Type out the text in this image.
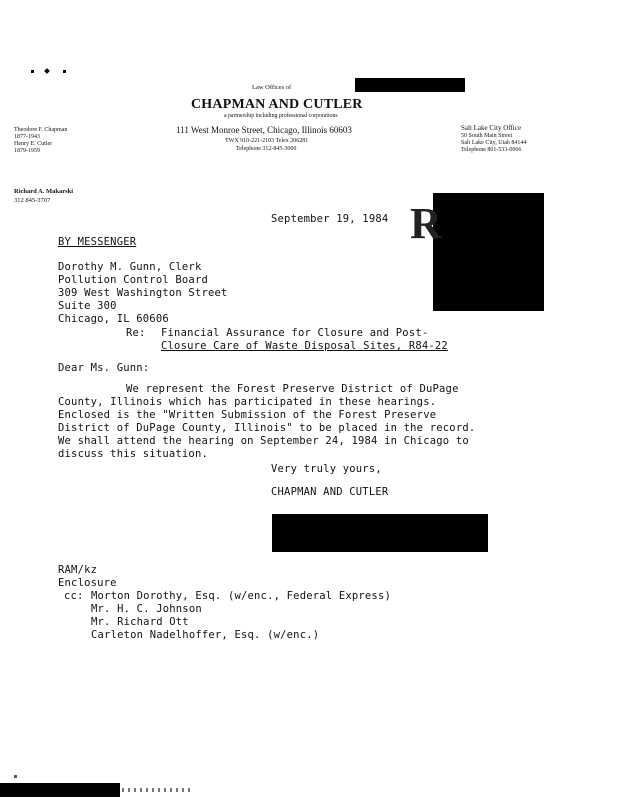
Law Offices of
CHAPMAN AND CUTLER
a partnership including professional corporations
111 West Monroe Street, Chicago, Illinois 60603
TWX 910-221-2103 Telex 206281
Telephone 312-845-3000
Theodore F. Chapman
1877-1943
Henry E. Cutler
1879-1959
Salt Lake City Office
50 South Main Street
Salt Lake City, Utah 84144
Telephone 801-533-0066
Richard A. Makarski
312 845-3707	R
September 19, 1984
BY MESSENGER
Dorothy M. Gunn, Clerk
Pollution Control Board
309 West Washington Street
Suite 300
Chicago, IL 60606
Re: Financial Assurance for Closure and Post-
Closure Care of Waste Disposal Sites, R84-22
Dear Ms. Gunn:
We represent the Forest Preserve District of DuPage
County, Illinois which has participated in these hearings.
Enclosed is the "Written Submission of the Forest Preserve
District of DuPage County, Illinois" to be placed in the record.
We shall attend the hearing on September 24, 1984 in Chicago to
discuss this situation.
Very truly yours,
CHAPMAN AND CUTLER
RAM/kz
Enclosure
cc: Morton Dorothy, Esq. (w/enc., Federal Express)
Mr. H. C. Johnson
Mr. Richard Ott
Carleton Nadelhoffer, Esq. (w/enc.)
